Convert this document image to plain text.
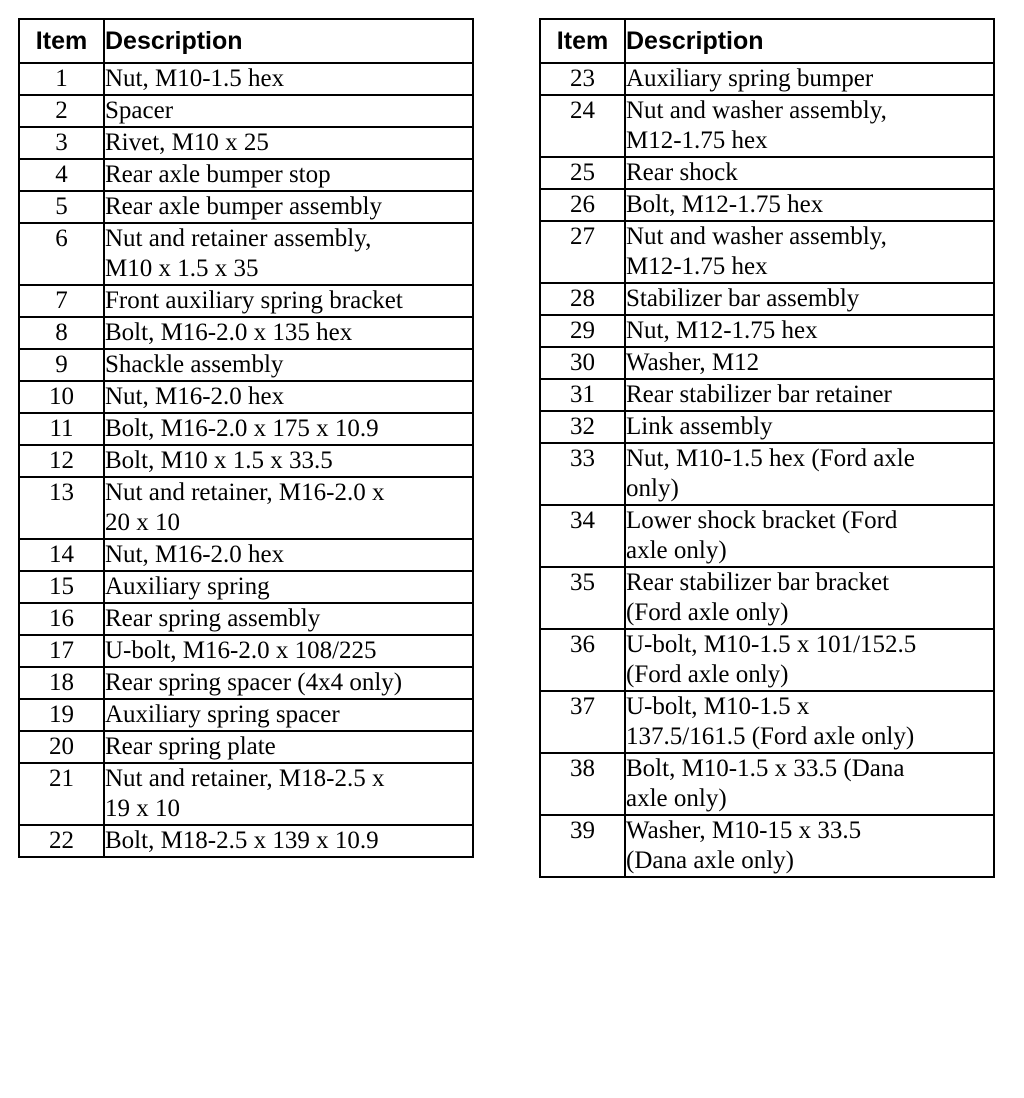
Item	Description
1	Nut, M10-1.5 hex
2	Spacer
3	Rivet, M10 x 25
4	Rear axle bumper stop
5	Rear axle bumper assembly
6	Nut and retainer assembly,
M10 x 1.5 x 35
7	Front auxiliary spring bracket
8	Bolt, M16-2.0 x 135 hex
9	Shackle assembly
10	Nut, M16-2.0 hex
11	Bolt, M16-2.0 x 175 x 10.9
12	Bolt, M10 x 1.5 x 33.5
13	Nut and retainer, M16-2.0 x
20 x 10
14	Nut, M16-2.0 hex
15	Auxiliary spring
16	Rear spring assembly
17	U-bolt, M16-2.0 x 108/225
18	Rear spring spacer (4x4 only)
19	Auxiliary spring spacer
20	Rear spring plate
21	Nut and retainer, M18-2.5 x
19 x 10
22	Bolt, M18-2.5 x 139 x 10.9
Item	Description
23	Auxiliary spring bumper
24	Nut and washer assembly,
M12-1.75 hex
25	Rear shock
26	Bolt, M12-1.75 hex
27	Nut and washer assembly,
M12-1.75 hex
28	Stabilizer bar assembly
29	Nut, M12-1.75 hex
30	Washer, M12
31	Rear stabilizer bar retainer
32	Link assembly
33	Nut, M10-1.5 hex (Ford axle
only)
34	Lower shock bracket (Ford
axle only)
35	Rear stabilizer bar bracket
(Ford axle only)
36	U-bolt, M10-1.5 x 101/152.5
(Ford axle only)
37	U-bolt, M10-1.5 x
137.5/161.5 (Ford axle only)
38	Bolt, M10-1.5 x 33.5 (Dana
axle only)
39	Washer, M10-15 x 33.5
(Dana axle only)
